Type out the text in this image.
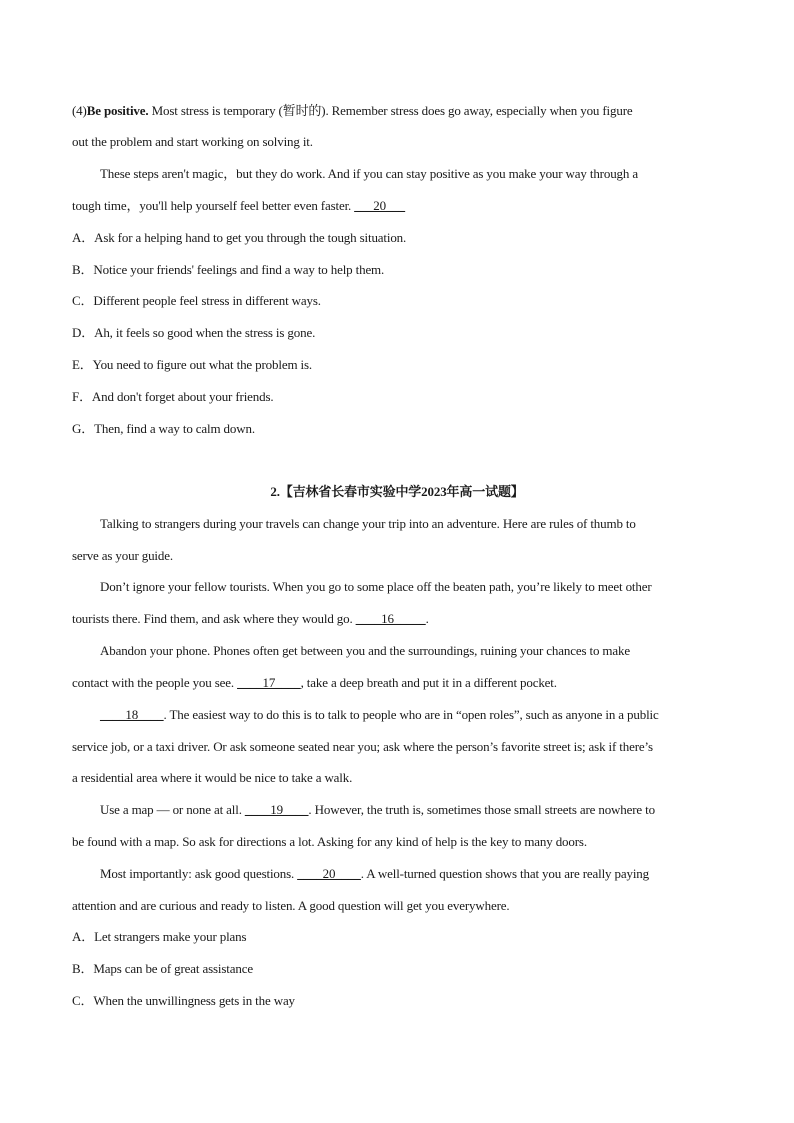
(4)Be positive. Most stress is temporary (暂时的). Remember stress does go away, especially when you figure
out the problem and start working on solving it.
These steps aren't magic，but they do work. And if you can stay positive as you make your way through a
tough time，you'll help yourself feel better even faster. ___20___
A．Ask for a helping hand to get you through the tough situation.
B．Notice your friends' feelings and find a way to help them.
C．Different people feel stress in different ways.
D．Ah, it feels so good when the stress is gone.
E．You need to figure out what the problem is.
F．And don't forget about your friends.
G．Then, find a way to calm down.
2.【吉林省长春市实验中学2023年高一试题】
Talking to strangers during your travels can change your trip into an adventure. Here are rules of thumb to
serve as your guide.
Don’t ignore your fellow tourists. When you go to some place off the beaten path, you’re likely to meet other
tourists there. Find them, and ask where they would go. ____16_____.
Abandon your phone. Phones often get between you and the surroundings, ruining your chances to make
contact with the people you see. ____17____, take a deep breath and put it in a different pocket.
____18____. The easiest way to do this is to talk to people who are in “open roles”, such as anyone in a public
service job, or a taxi driver. Or ask someone seated near you; ask where the person’s favorite street is; ask if there’s
a residential area where it would be nice to take a walk.
Use a map — or none at all. ____19____. However, the truth is, sometimes those small streets are nowhere to
be found with a map. So ask for directions a lot. Asking for any kind of help is the key to many doors.
Most importantly: ask good questions. ____20____. A well-turned question shows that you are really paying
attention and are curious and ready to listen. A good question will get you everywhere.
A．Let strangers make your plans
B．Maps can be of great assistance
C．When the unwillingness gets in the way
